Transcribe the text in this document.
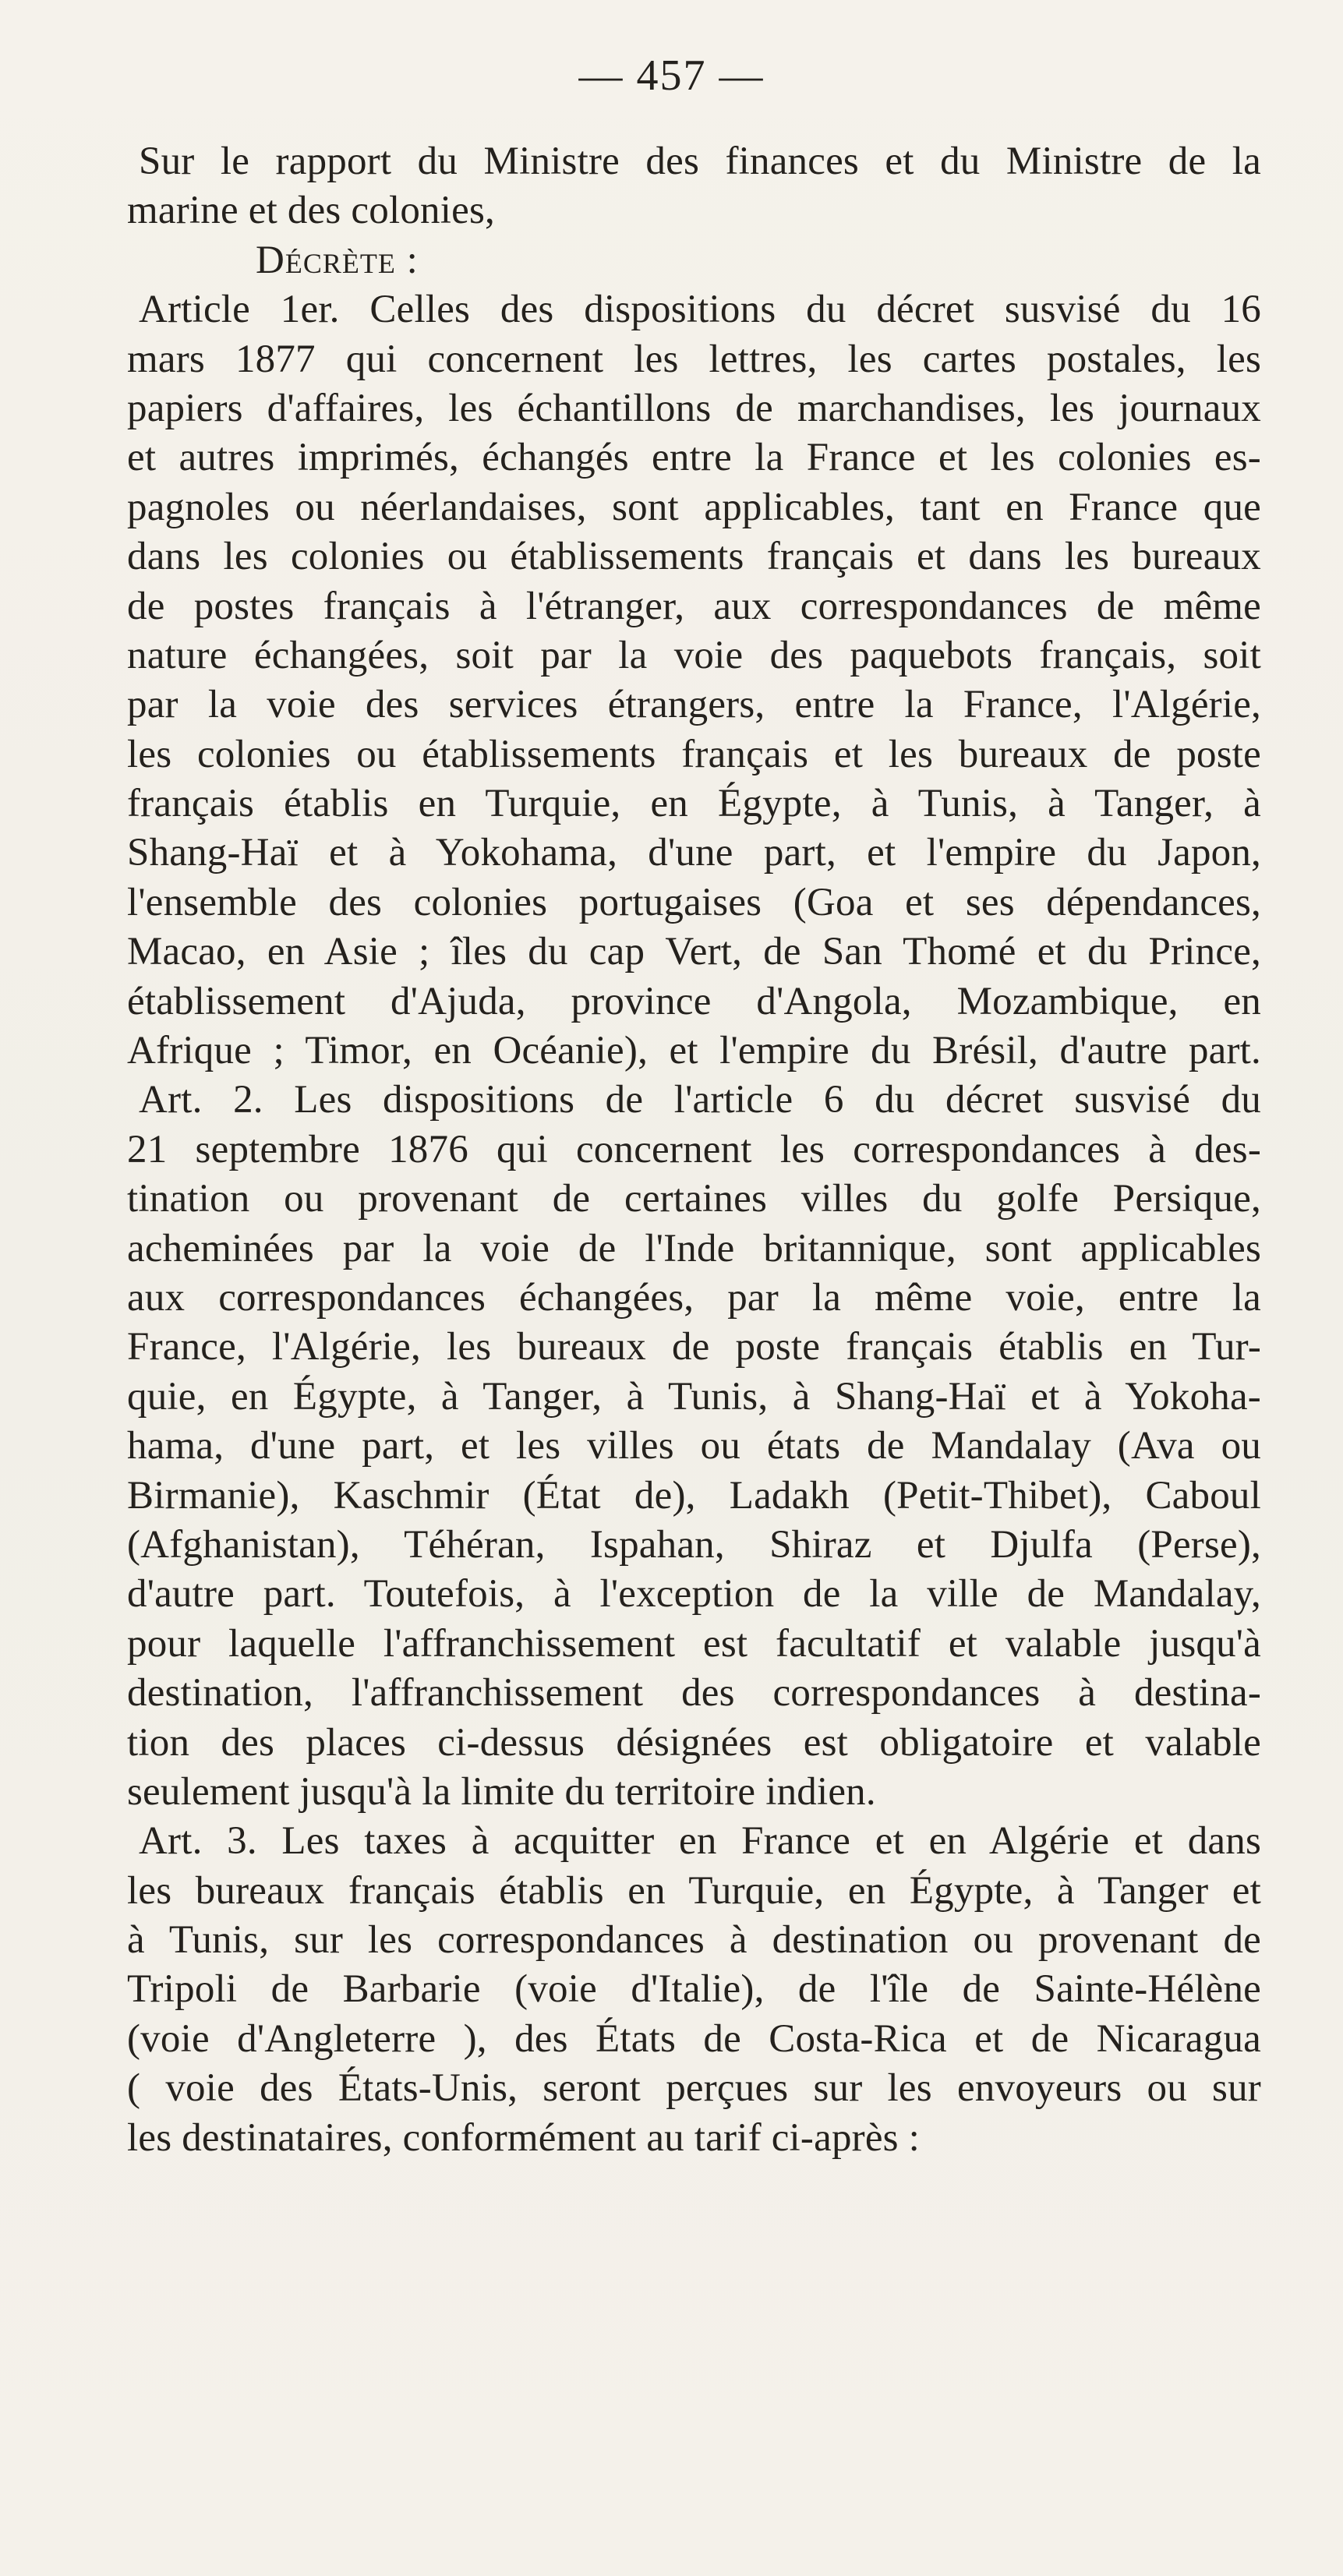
— 457 —
Sur le rapport du Ministre des finances et du Ministre de la
marine et des colonies,
Décrète :
Article 1er. Celles des dispositions du décret susvisé du 16
mars 1877 qui concernent les lettres, les cartes postales, les
papiers d'affaires, les échantillons de marchandises, les journaux
et autres imprimés, échangés entre la France et les colonies es-
pagnoles ou néerlandaises, sont applicables, tant en France que
dans les colonies ou établissements français et dans les bureaux
de postes français à l'étranger, aux correspondances de même
nature échangées, soit par la voie des paquebots français, soit
par la voie des services étrangers, entre la France, l'Algérie,
les colonies ou établissements français et les bureaux de poste
français établis en Turquie, en Égypte, à Tunis, à Tanger, à
Shang-Haï et à Yokohama, d'une part, et l'empire du Japon,
l'ensemble des colonies portugaises (Goa et ses dépendances,
Macao, en Asie ; îles du cap Vert, de San Thomé et du Prince,
établissement d'Ajuda, province d'Angola, Mozambique, en
Afrique ; Timor, en Océanie), et l'empire du Brésil, d'autre part.
Art. 2. Les dispositions de l'article 6 du décret susvisé du
21 septembre 1876 qui concernent les correspondances à des-
tination ou provenant de certaines villes du golfe Persique,
acheminées par la voie de l'Inde britannique, sont applicables
aux correspondances échangées, par la même voie, entre la
France, l'Algérie, les bureaux de poste français établis en Tur-
quie, en Égypte, à Tanger, à Tunis, à Shang-Haï et à Yokoha-
hama, d'une part, et les villes ou états de Mandalay (Ava ou
Birmanie), Kaschmir (État de), Ladakh (Petit-Thibet), Caboul
(Afghanistan), Téhéran, Ispahan, Shiraz et Djulfa (Perse),
d'autre part. Toutefois, à l'exception de la ville de Mandalay,
pour laquelle l'affranchissement est facultatif et valable jusqu'à
destination, l'affranchissement des correspondances à destina-
tion des places ci-dessus désignées est obligatoire et valable
seulement jusqu'à la limite du territoire indien.
Art. 3. Les taxes à acquitter en France et en Algérie et dans
les bureaux français établis en Turquie, en Égypte, à Tanger et
à Tunis, sur les correspondances à destination ou provenant de
Tripoli de Barbarie (voie d'Italie), de l'île de Sainte-Hélène
(voie d'Angleterre ), des États de Costa-Rica et de Nicaragua
( voie des États-Unis, seront perçues sur les envoyeurs ou sur
les destinataires, conformément au tarif ci-après :
